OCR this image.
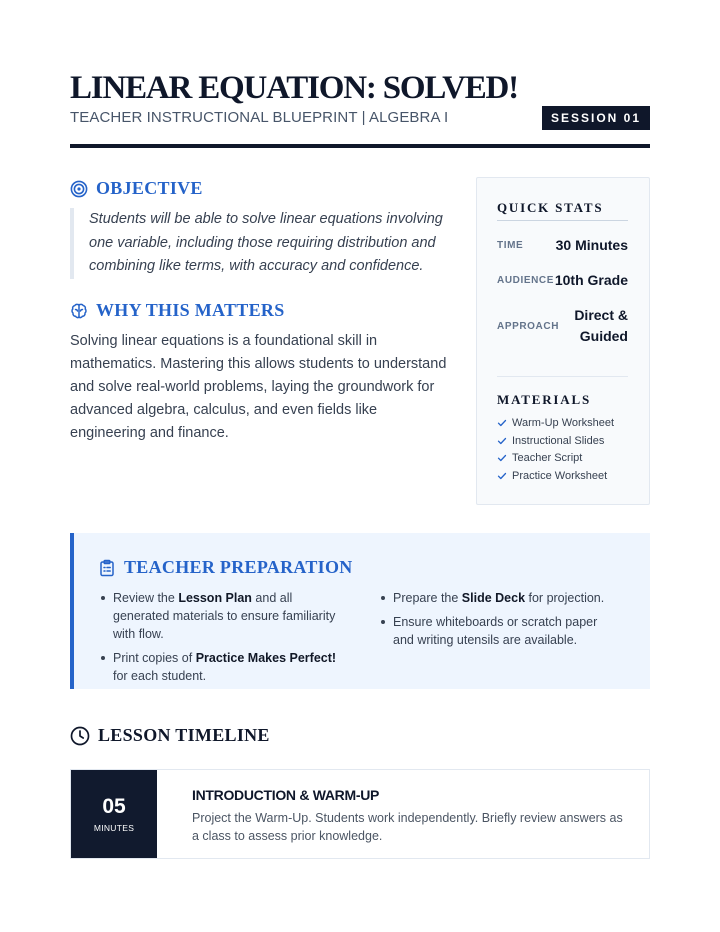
LINEAR EQUATION: SOLVED!
TEACHER INSTRUCTIONAL BLUEPRINT | ALGEBRA I	SESSION 01
OBJECTIVE
Students will be able to solve linear equations involving one variable, including those requiring distribution and combining like terms, with accuracy and confidence.
WHY THIS MATTERS

Solving linear equations is a foundational skill in mathematics. Mastering this allows students to understand and solve real-world problems, laying the groundwork for advanced algebra, calculus, and even fields like engineering and finance.

QUICK STATS
TIME 30 Minutes
AUDIENCE 10th Grade
APPROACH
Direct &
Guided
MATERIALS
Warm-Up Worksheet
Instructional Slides
Teacher Script
Practice Worksheet
TEACHER PREPARATION
Review the Lesson Plan and all generated materials to ensure familiarity with flow.
Print copies of Practice Makes Perfect! for each student.
Prepare the Slide Deck for projection.
Ensure whiteboards or scratch paper and writing utensils are available.
LESSON TIMELINE
05
MINUTES
INTRODUCTION & WARM-UP
Project the Warm-Up. Students work independently. Briefly review answers as a class to assess prior knowledge.
